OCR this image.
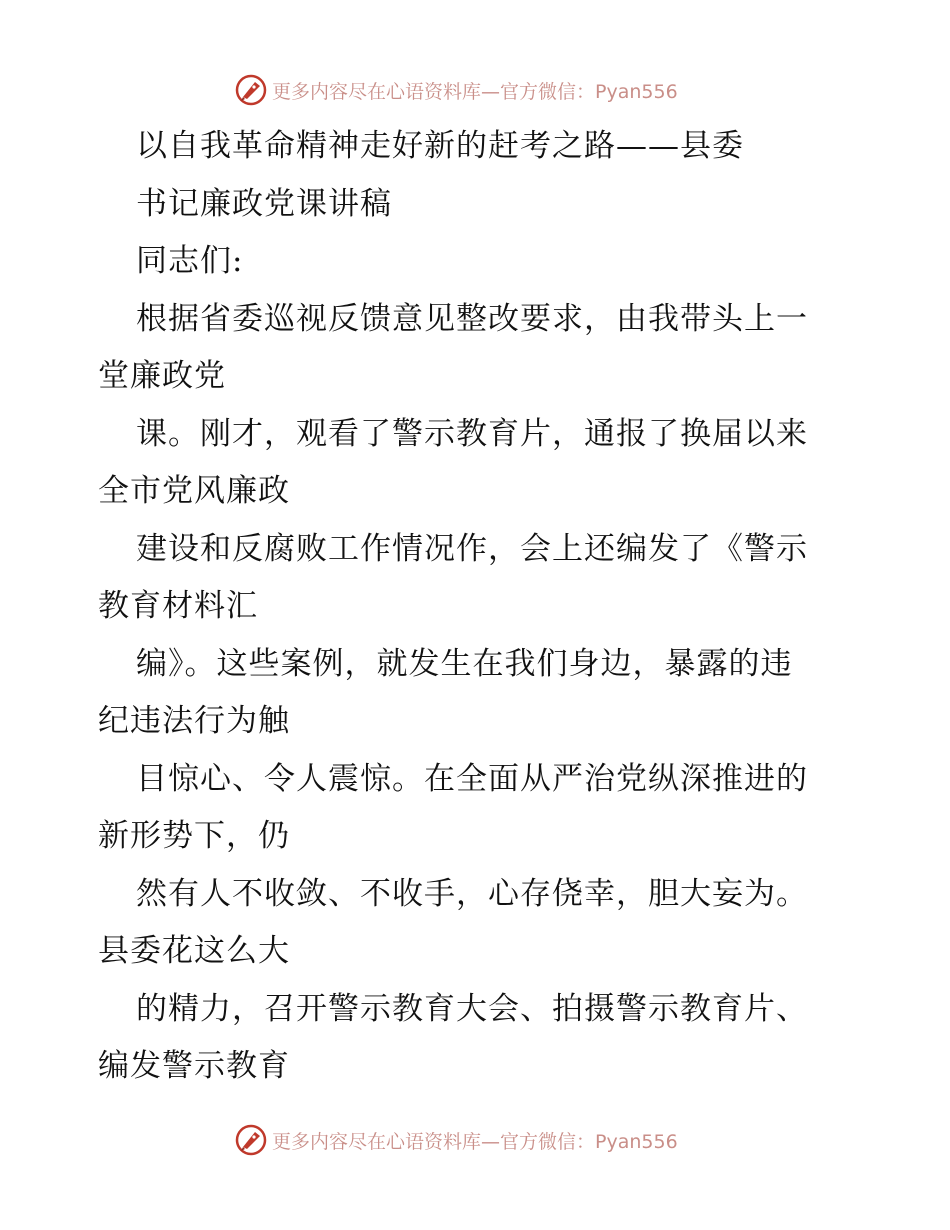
更多内容尽在心语资料库—官方微信：Pyan556
以自我革命精神走好新的赶考之路——县委
书记廉政党课讲稿
同志们:
根据省委巡视反馈意见整改要求，由我带头上一
堂廉政党
课。刚才，观看了警示教育片，通报了换届以来
全市党风廉政
建设和反腐败工作情况作，会上还编发了《警示
教育材料汇
编》。这些案例，就发生在我们身边，暴露的违
纪违法行为触
目惊心、令人震惊。在全面从严治党纵深推进的
新形势下，仍
然有人不收敛、不收手，心存侥幸，胆大妄为。
县委花这么大
的精力，召开警示教育大会、拍摄警示教育片、
编发警示教育
更多内容尽在心语资料库—官方微信：Pyan556
